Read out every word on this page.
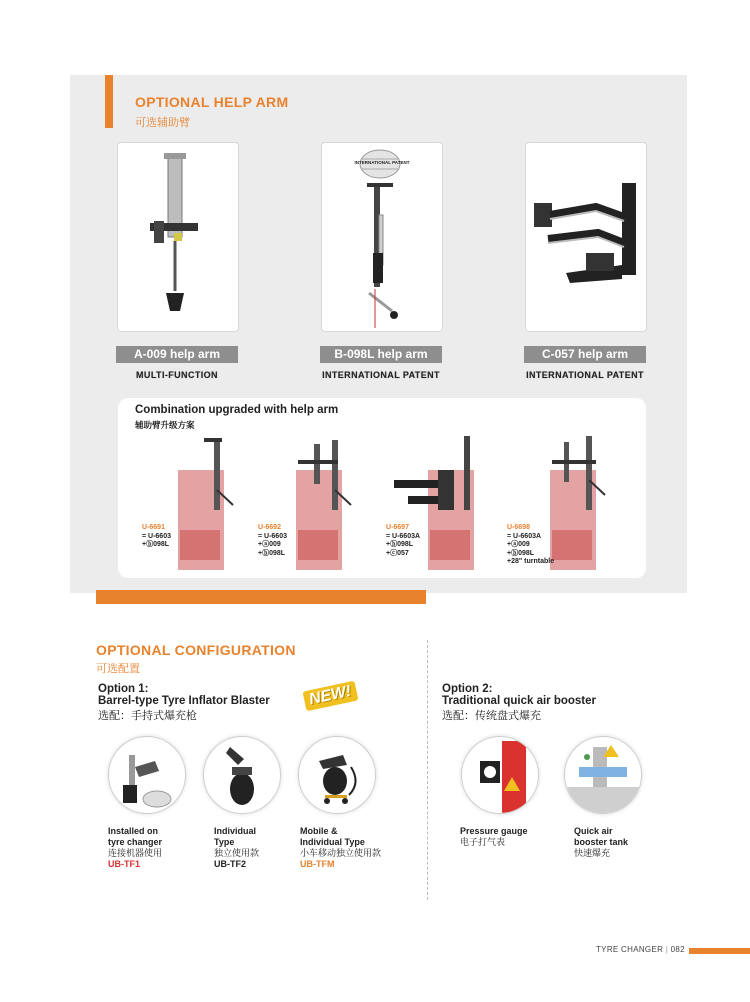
OPTIONAL HELP ARM
可选辅助臂
A-009 help arm
MULTI-FUNCTION
INTERNATIONAL PATENT
B-098L help arm
INTERNATIONAL PATENT
C-057 help arm
INTERNATIONAL PATENT
Combination upgraded with help arm
辅助臂升级方案
U-6691
= U-6603
+ⓑ098L
U-6692
= U-6603
+ⓐ009
+ⓑ098L
U-6697
= U-6603A
+ⓑ098L
+ⓒ057
U-6698
= U-6603A
+ⓐ009
+ⓑ098L
+28" turntable
OPTIONAL CONFIGURATION
可选配置
Option 1:
Barrel-type Tyre Inflator Blaster
选配：手持式爆充枪
NEW!
Installed on
tyre changer
连接机器使用
UB-TF1
Individual
Type
独立使用款
UB-TF2
Mobile &
Individual Type
小车移动独立使用款
UB-TFM
Option 2:
Traditional quick air booster
选配：传统盘式爆充
Pressure gauge
电子打气表
Quick air
booster tank
快速爆充
TYRE CHANGER | 082
